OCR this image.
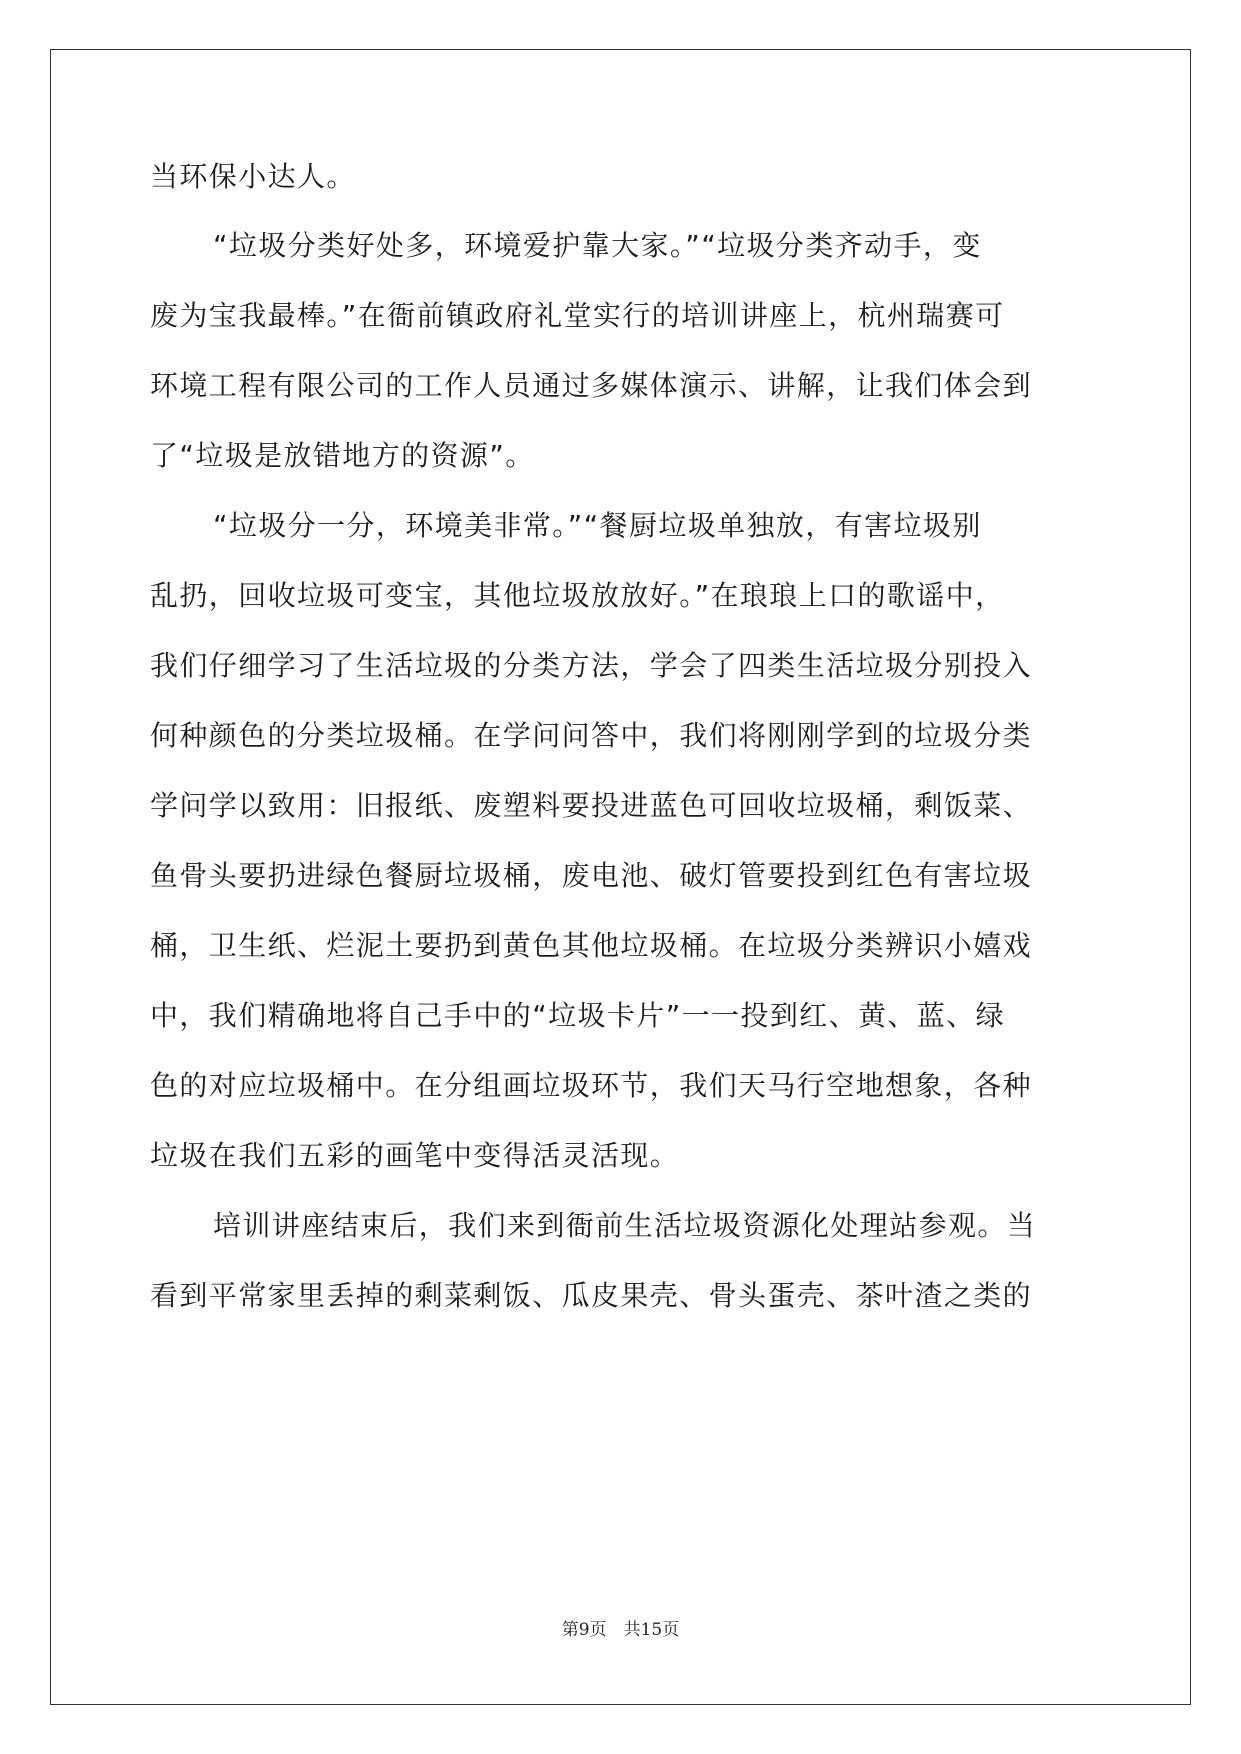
当环保小达人。
“垃圾分类好处多，环境爱护靠大家。”“垃圾分类齐动手，变
废为宝我最棒。”在衙前镇政府礼堂实行的培训讲座上，杭州瑞赛可
环境工程有限公司的工作人员通过多媒体演示、讲解，让我们体会到
了“垃圾是放错地方的资源”。
“垃圾分一分，环境美非常。”“餐厨垃圾单独放，有害垃圾别
乱扔，回收垃圾可变宝，其他垃圾放放好。”在琅琅上口的歌谣中，
我们仔细学习了生活垃圾的分类方法，学会了四类生活垃圾分别投入
何种颜色的分类垃圾桶。在学问问答中，我们将刚刚学到的垃圾分类
学问学以致用：旧报纸、废塑料要投进蓝色可回收垃圾桶，剩饭菜、
鱼骨头要扔进绿色餐厨垃圾桶，废电池、破灯管要投到红色有害垃圾
桶，卫生纸、烂泥土要扔到黄色其他垃圾桶。在垃圾分类辨识小嬉戏
中，我们精确地将自己手中的“垃圾卡片”一一投到红、黄、蓝、绿
色的对应垃圾桶中。在分组画垃圾环节，我们天马行空地想象，各种
垃圾在我们五彩的画笔中变得活灵活现。
培训讲座结束后，我们来到衙前生活垃圾资源化处理站参观。当
看到平常家里丢掉的剩菜剩饭、瓜皮果壳、骨头蛋壳、茶叶渣之类的
第9页　共15页
